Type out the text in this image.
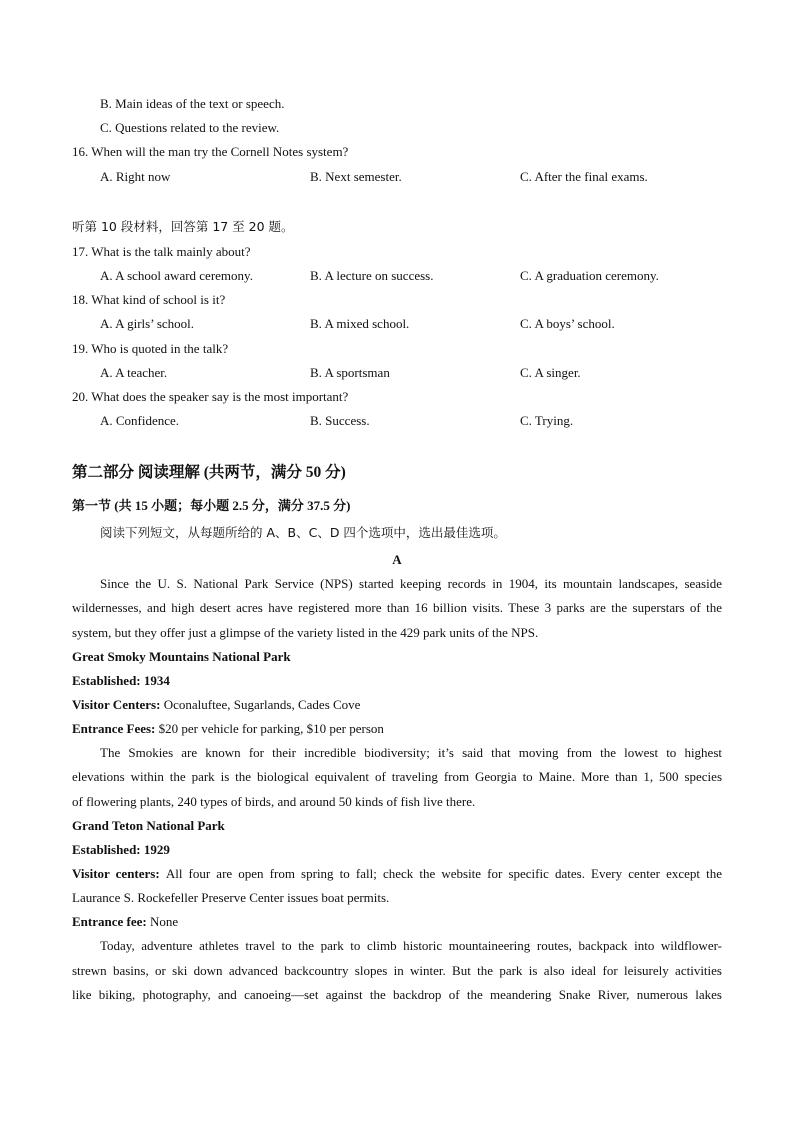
B. Main ideas of the text or speech.
C. Questions related to the review.
16. When will the man try the Cornell Notes system?
A. Right now	B. Next semester.	C. After the final exams.
听第 10 段材料，回答第 17 至 20 题。
17. What is the talk mainly about?
A. A school award ceremony.	B. A lecture on success.	C. A graduation ceremony.
18. What kind of school is it?
A. A girls’ school.	B. A mixed school.	C. A boys’ school.
19. Who is quoted in the talk?
A. A teacher.	B. A sportsman	C. A singer.
20. What does the speaker say is the most important?
A. Confidence.	B. Success.	C. Trying.
第二部分 阅读理解 (共两节，满分 50 分)
第一节 (共 15 小题；每小题 2.5 分，满分 37.5 分)
阅读下列短文，从每题所给的 A、B、C、D 四个选项中，选出最佳选项。
A
Since the U. S. National Park Service (NPS) started keeping records in 1904, its mountain landscapes, seaside
wildernesses, and high desert acres have registered more than 16 billion visits. These 3 parks are the superstars of the
system, but they offer just a glimpse of the variety listed in the 429 park units of the NPS.
Great Smoky Mountains National Park
Established: 1934
Visitor Centers: Oconaluftee, Sugarlands, Cades Cove
Entrance Fees: $20 per vehicle for parking, $10 per person
The Smokies are known for their incredible biodiversity; it’s said that moving from the lowest to highest
elevations within the park is the biological equivalent of traveling from Georgia to Maine. More than 1, 500 species
of flowering plants, 240 types of birds, and around 50 kinds of fish live there.
Grand Teton National Park
Established: 1929
Visitor centers: All four are open from spring to fall; check the website for specific dates. Every center except the
Laurance S. Rockefeller Preserve Center issues boat permits.
Entrance fee: None
Today, adventure athletes travel to the park to climb historic mountaineering routes, backpack into wildflower-
strewn basins, or ski down advanced backcountry slopes in winter. But the park is also ideal for leisurely activities
like biking, photography, and canoeing—set against the backdrop of the meandering Snake River, numerous lakes
